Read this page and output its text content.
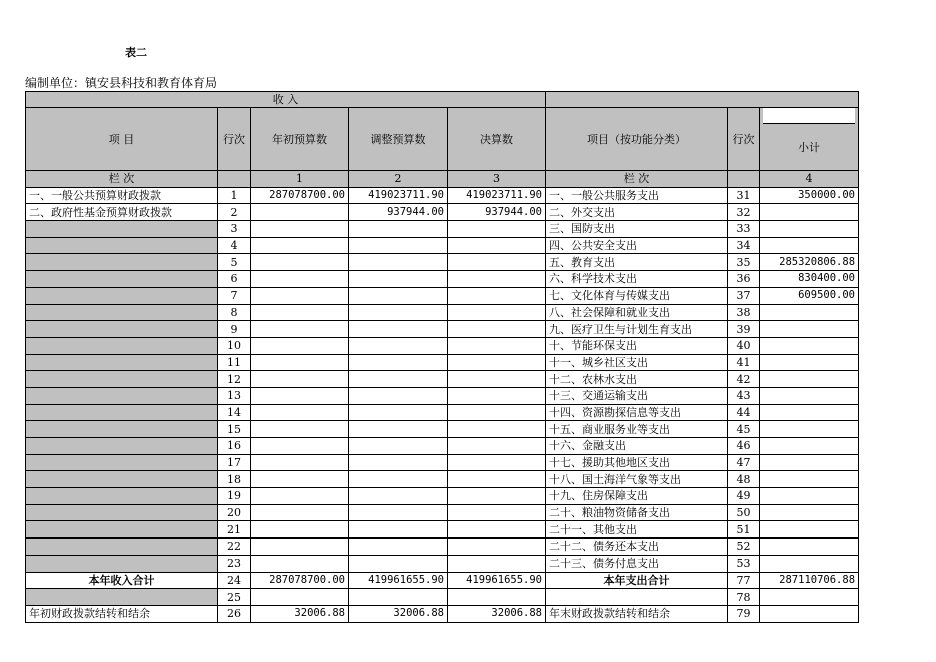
表二
编制单位：镇安县科技和教育体育局
收 入							
项 目	行次	年初预算数	调整预算数	决算数	项目（按功能分类）	行次	小计

栏 次		1	2	3	栏 次		4
一、一般公共预算财政拨款	1	287078700.00	419023711.90	419023711.90	一、一般公共服务支出	31	350000.00
二、政府性基金预算财政拨款	2		937944.00	937944.00	二、外交支出	32	
	3				三、国防支出	33	
	4				四、公共安全支出	34	
	5				五、教育支出	35	285320806.88
	6				六、科学技术支出	36	830400.00
	7				七、文化体育与传媒支出	37	609500.00
	8				八、社会保障和就业支出	38	
	9				九、医疗卫生与计划生育支出	39	
	10				十、节能环保支出	40	
	11				十一、城乡社区支出	41	
	12				十二、农林水支出	42	
	13				十三、交通运输支出	43	
	14				十四、资源勘探信息等支出	44	
	15				十五、商业服务业等支出	45	
	16				十六、金融支出	46	
	17				十七、援助其他地区支出	47	
	18				十八、国土海洋气象等支出	48	
	19				十九、住房保障支出	49	
	20				二十、粮油物资储备支出	50	
	21				二十一、其他支出	51	
	22				二十二、债务还本支出	52	
	23				二十三、债务付息支出	53	
本年收入合计	24	287078700.00	419961655.90	419961655.90	本年支出合计	77	287110706.88
	25					78	
年初财政拨款结转和结余	26	32006.88	32006.88	32006.88	年末财政拨款结转和结余	79	
